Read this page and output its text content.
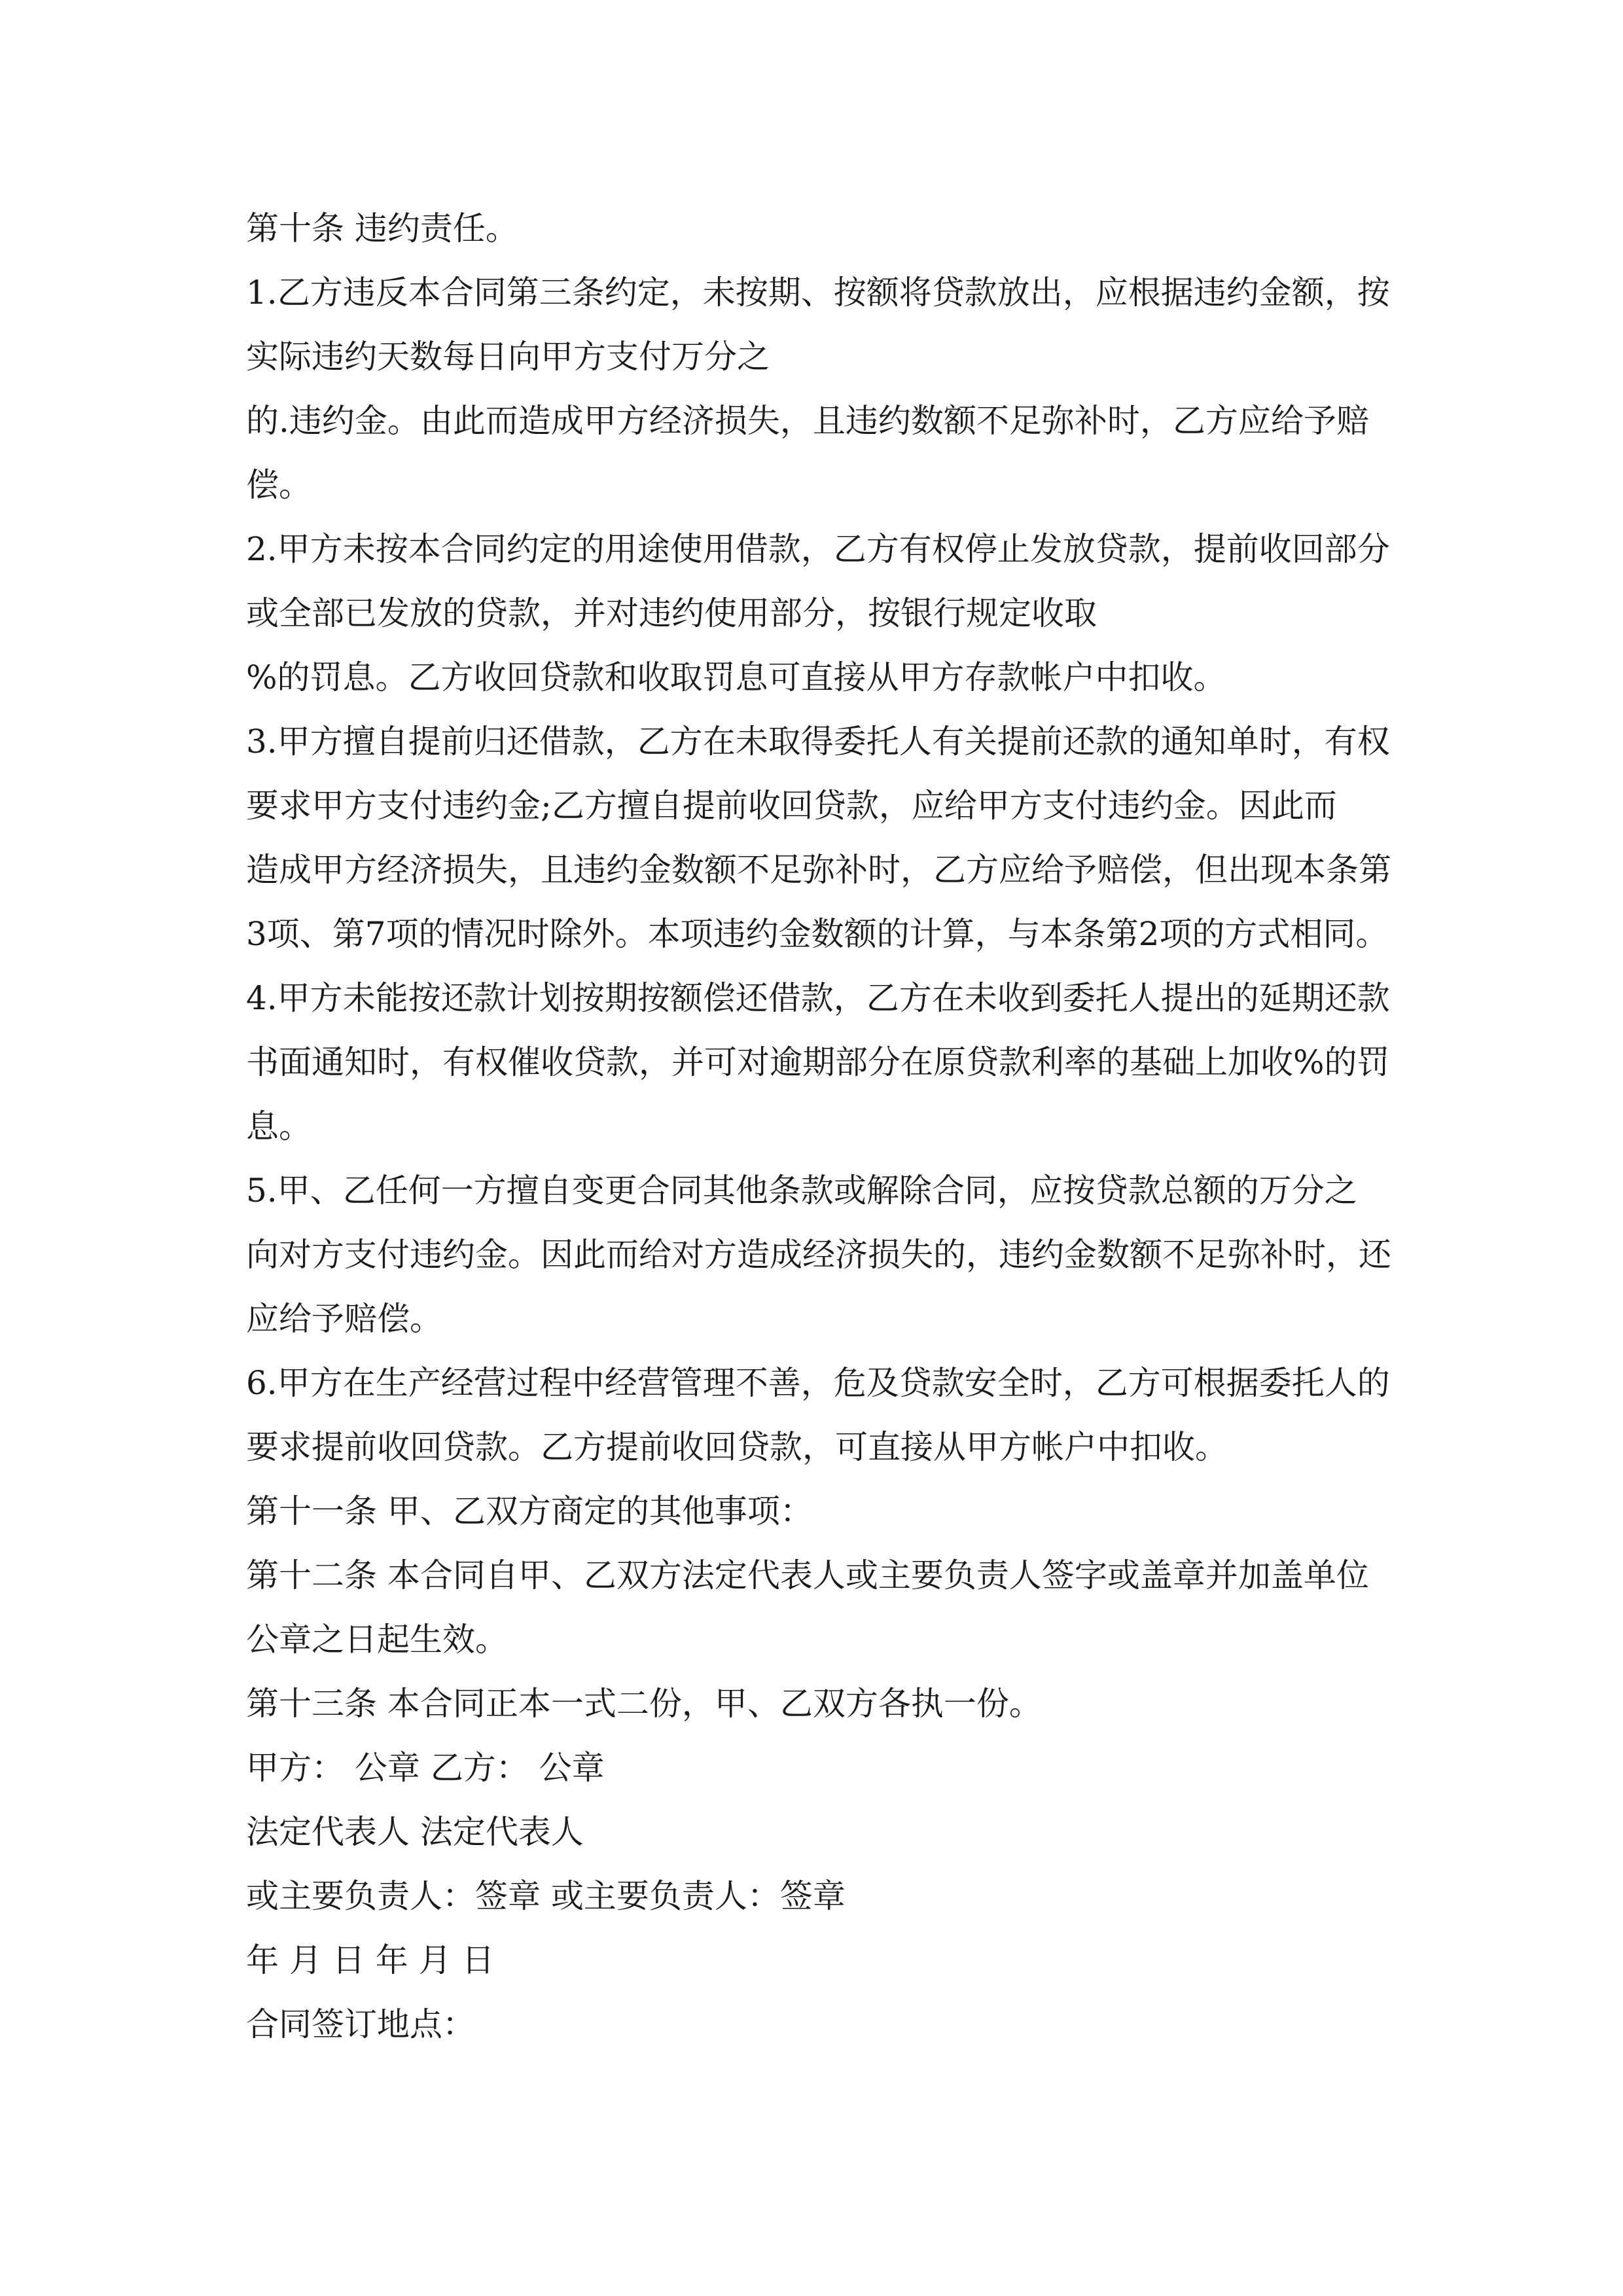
第十条 违约责任。
1.乙方违反本合同第三条约定，未按期、按额将贷款放出，应根据违约金额，按
实际违约天数每日向甲方支付万分之
的.违约金。由此而造成甲方经济损失，且违约数额不足弥补时，乙方应给予赔
偿。
2.甲方未按本合同约定的用途使用借款，乙方有权停止发放贷款，提前收回部分
或全部已发放的贷款，并对违约使用部分，按银行规定收取
%的罚息。乙方收回贷款和收取罚息可直接从甲方存款帐户中扣收。
3.甲方擅自提前归还借款，乙方在未取得委托人有关提前还款的通知单时，有权
要求甲方支付违约金;乙方擅自提前收回贷款，应给甲方支付违约金。因此而
造成甲方经济损失，且违约金数额不足弥补时，乙方应给予赔偿，但出现本条第
3项、第7项的情况时除外。本项违约金数额的计算，与本条第2项的方式相同。
4.甲方未能按还款计划按期按额偿还借款，乙方在未收到委托人提出的延期还款
书面通知时，有权催收贷款，并可对逾期部分在原贷款利率的基础上加收%的罚
息。
5.甲、乙任何一方擅自变更合同其他条款或解除合同，应按贷款总额的万分之
向对方支付违约金。因此而给对方造成经济损失的，违约金数额不足弥补时，还
应给予赔偿。
6.甲方在生产经营过程中经营管理不善，危及贷款安全时，乙方可根据委托人的
要求提前收回贷款。乙方提前收回贷款，可直接从甲方帐户中扣收。
第十一条 甲、乙双方商定的其他事项：
第十二条 本合同自甲、乙双方法定代表人或主要负责人签字或盖章并加盖单位
公章之日起生效。
第十三条 本合同正本一式二份，甲、乙双方各执一份。
甲方： 公章 乙方： 公章
法定代表人 法定代表人
或主要负责人：签章 或主要负责人：签章
年 月 日 年 月 日
合同签订地点：
